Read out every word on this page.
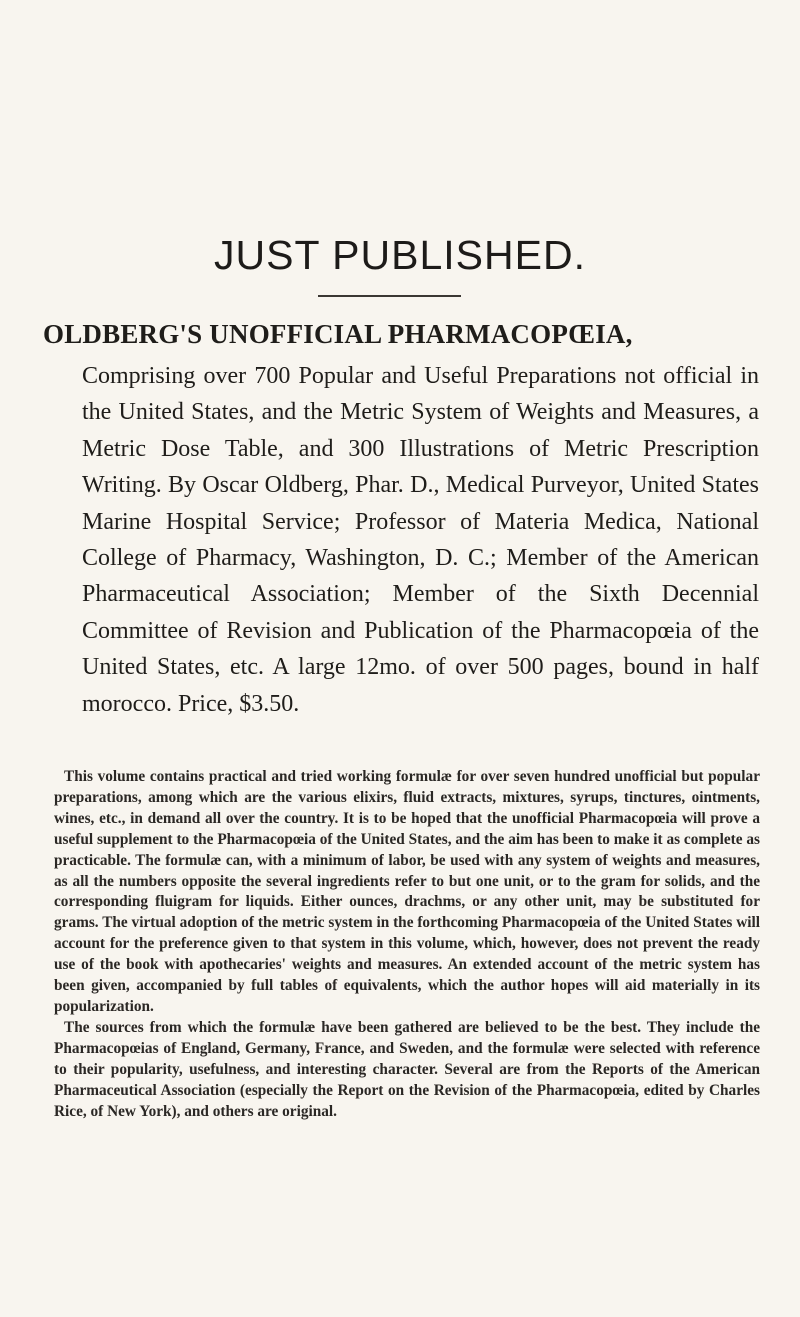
JUST PUBLISHED.
OLDBERG'S UNOFFICIAL PHARMACOPŒIA,
Comprising over 700 Popular and Useful Preparations not official in the United States, and the Metric System of Weights and Measures, a Metric Dose Table, and 300 Illustrations of Metric Prescription Writing. By Oscar Oldberg, Phar. D., Medical Purveyor, United States Marine Hospital Service; Professor of Materia Medica, National College of Pharmacy, Washington, D. C.; Member of the American Pharmaceutical Association; Member of the Sixth Decennial Committee of Revision and Publication of the Pharmacopœia of the United States, etc. A large 12mo. of over 500 pages, bound in half morocco. Price, $3.50.

This volume contains practical and tried working formulæ for over seven hundred unofficial but popular preparations, among which are the various elixirs, fluid extracts, mixtures, syrups, tinctures, ointments, wines, etc., in demand all over the country. It is to be hoped that the unofficial Pharmacopœia will prove a useful supplement to the Pharmacopœia of the United States, and the aim has been to make it as complete as practicable. The formulæ can, with a minimum of labor, be used with any system of weights and measures, as all the numbers opposite the several ingredients refer to but one unit, or to the gram for solids, and the corresponding fluigram for liquids. Either ounces, drachms, or any other unit, may be substituted for grams. The virtual adoption of the metric system in the forthcoming Pharmacopœia of the United States will account for the preference given to that system in this volume, which, however, does not prevent the ready use of the book with apothecaries' weights and measures. An extended account of the metric system has been given, accompanied by full tables of equivalents, which the author hopes will aid materially in its popularization.

The sources from which the formulæ have been gathered are believed to be the best. They include the Pharmacopœias of England, Germany, France, and Sweden, and the formulæ were selected with reference to their popularity, usefulness, and interesting character. Several are from the Reports of the American Pharmaceutical Association (especially the Report on the Revision of the Pharmacopœia, edited by Charles Rice, of New York), and others are original.
